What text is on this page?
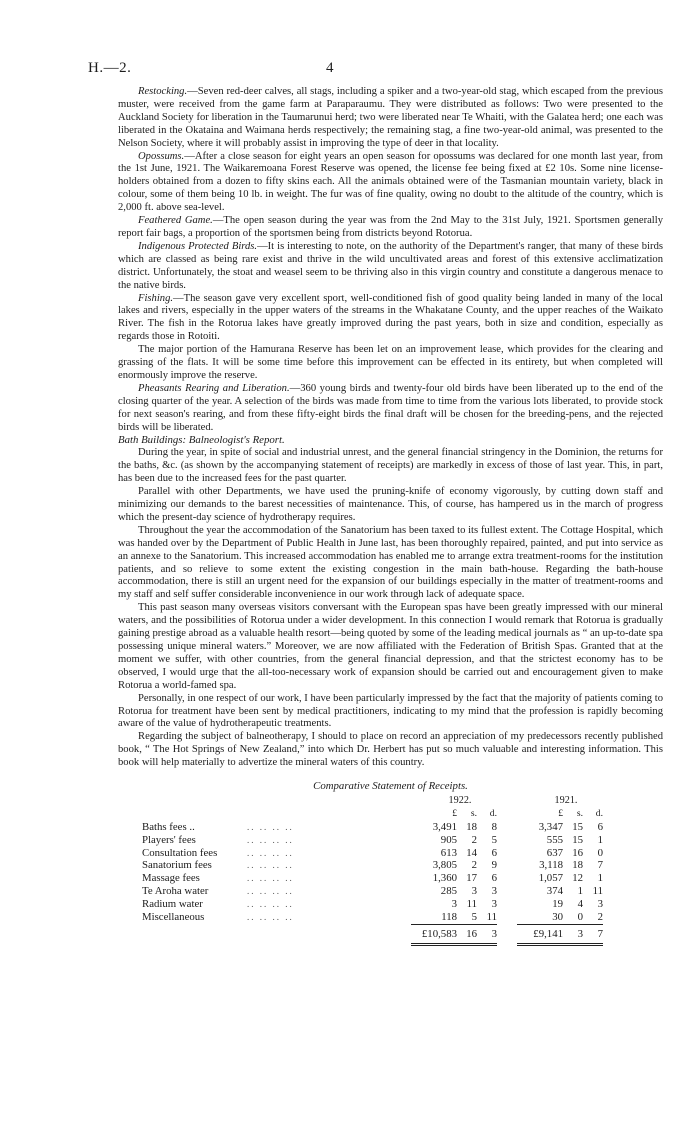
H.—2.	4

Restocking.—Seven red-deer calves, all stags, including a spiker and a two-year-old stag, which escaped from the previous muster, were received from the game farm at Paraparaumu. They were distributed as follows: Two were presented to the Auckland Society for liberation in the Taumarunui herd; two were liberated near Te Whaiti, with the Galatea herd; one each was liberated in the Okataina and Waimana herds respectively; the remaining stag, a fine two-year-old animal, was presented to the Nelson Society, where it will probably assist in improving the type of deer in that locality.

Opossums.—After a close season for eight years an open season for opossums was declared for one month last year, from the 1st June, 1921. The Waikaremoana Forest Reserve was opened, the license fee being fixed at £2 10s. Some nine license-holders obtained from a dozen to fifty skins each. All the animals obtained were of the Tasmanian mountain variety, black in colour, some of them being 10 lb. in weight. The fur was of fine quality, owing no doubt to the altitude of the country, which is 2,000 ft. above sea-level.

Feathered Game.—The open season during the year was from the 2nd May to the 31st July, 1921. Sportsmen generally report fair bags, a proportion of the sportsmen being from districts beyond Rotorua.

Indigenous Protected Birds.—It is interesting to note, on the authority of the Department's ranger, that many of these birds which are classed as being rare exist and thrive in the wild uncultivated areas and forest of this extensive acclimatization district. Unfortunately, the stoat and weasel seem to be thriving also in this virgin country and constitute a dangerous menace to the native birds.

Fishing.—The season gave very excellent sport, well-conditioned fish of good quality being landed in many of the local lakes and rivers, especially in the upper waters of the streams in the Whakatane County, and the upper reaches of the Waikato River. The fish in the Rotorua lakes have greatly improved during the past years, both in size and condition, especially as regards those in Rotoiti.

The major portion of the Hamurana Reserve has been let on an improvement lease, which provides for the clearing and grassing of the flats. It will be some time before this improvement can be effected in its entirety, but when completed will enormously improve the reserve.

Pheasants Rearing and Liberation.—360 young birds and twenty-four old birds have been liberated up to the end of the closing quarter of the year. A selection of the birds was made from time to time from the various lots liberated, to provide stock for next season's rearing, and from these fifty-eight birds the final draft will be chosen for the breeding-pens, and the rejected birds will be liberated.

Bath Buildings: Balneologist's Report.

During the year, in spite of social and industrial unrest, and the general financial stringency in the Dominion, the returns for the baths, &c. (as shown by the accompanying statement of receipts) are markedly in excess of those of last year. This, in part, has been due to the increased fees for the past quarter.

Parallel with other Departments, we have used the pruning-knife of economy vigorously, by cutting down staff and minimizing our demands to the barest necessities of maintenance. This, of course, has hampered us in the march of progress which the present-day science of hydrotherapy requires.

Throughout the year the accommodation of the Sanatorium has been taxed to its fullest extent. The Cottage Hospital, which was handed over by the Department of Public Health in June last, has been thoroughly repaired, painted, and put into service as an annexe to the Sanatorium. This increased accommodation has enabled me to arrange extra treatment-rooms for the institution patients, and so relieve to some extent the existing congestion in the main bath-house. Regarding the bath-house accommodation, there is still an urgent need for the expansion of our buildings especially in the matter of treatment-rooms and my staff and self suffer considerable inconvenience in our work through lack of adequate space.

This past season many overseas visitors conversant with the European spas have been greatly impressed with our mineral waters, and the possibilities of Rotorua under a wider development. In this connection I would remark that Rotorua is gradually gaining prestige abroad as a valuable health resort—being quoted by some of the leading medical journals as “ an up-to-date spa possessing unique mineral waters.” Moreover, we are now affiliated with the Federation of British Spas. Granted that at the moment we suffer, with other countries, from the general financial depression, and that the strictest economy has to be observed, I would urge that the all-too-necessary work of expansion should be carried out and encouragement given to make Rotorua a world-famed spa.

Personally, in one respect of our work, I have been particularly impressed by the fact that the majority of patients coming to Rotorua for treatment have been sent by medical practitioners, indicating to my mind that the profession is rapidly becoming aware of the value of hydrotherapeutic treatments.

Regarding the subject of balneotherapy, I should to place on record an appreciation of my predecessors recently published book, “ The Hot Springs of New Zealand,” into which Dr. Herbert has put so much valuable and interesting information. This book will help materially to advertize the mineral waters of this country.

Comparative Statement of Receipts.
		1922.				1921.		
		£	s.	d.		£	s.	d.
Baths fees ..	.. .. .. ..	3,491	18	8		3,347	15	6
Players' fees	.. .. .. ..	905	2	5		555	15	1
Consultation fees	.. .. .. ..	613	14	6		637	16	0
Sanatorium fees	.. .. .. ..	3,805	2	9		3,118	18	7
Massage fees	.. .. .. ..	1,360	17	6		1,057	12	1
Te Aroha water	.. .. .. ..	285	3	3		374	1	11
Radium water	.. .. .. ..	3	11	3		19	4	3
Miscellaneous	.. .. .. ..	118	5	11		30	0	2
		£10,583	16	3		£9,141	3	7
